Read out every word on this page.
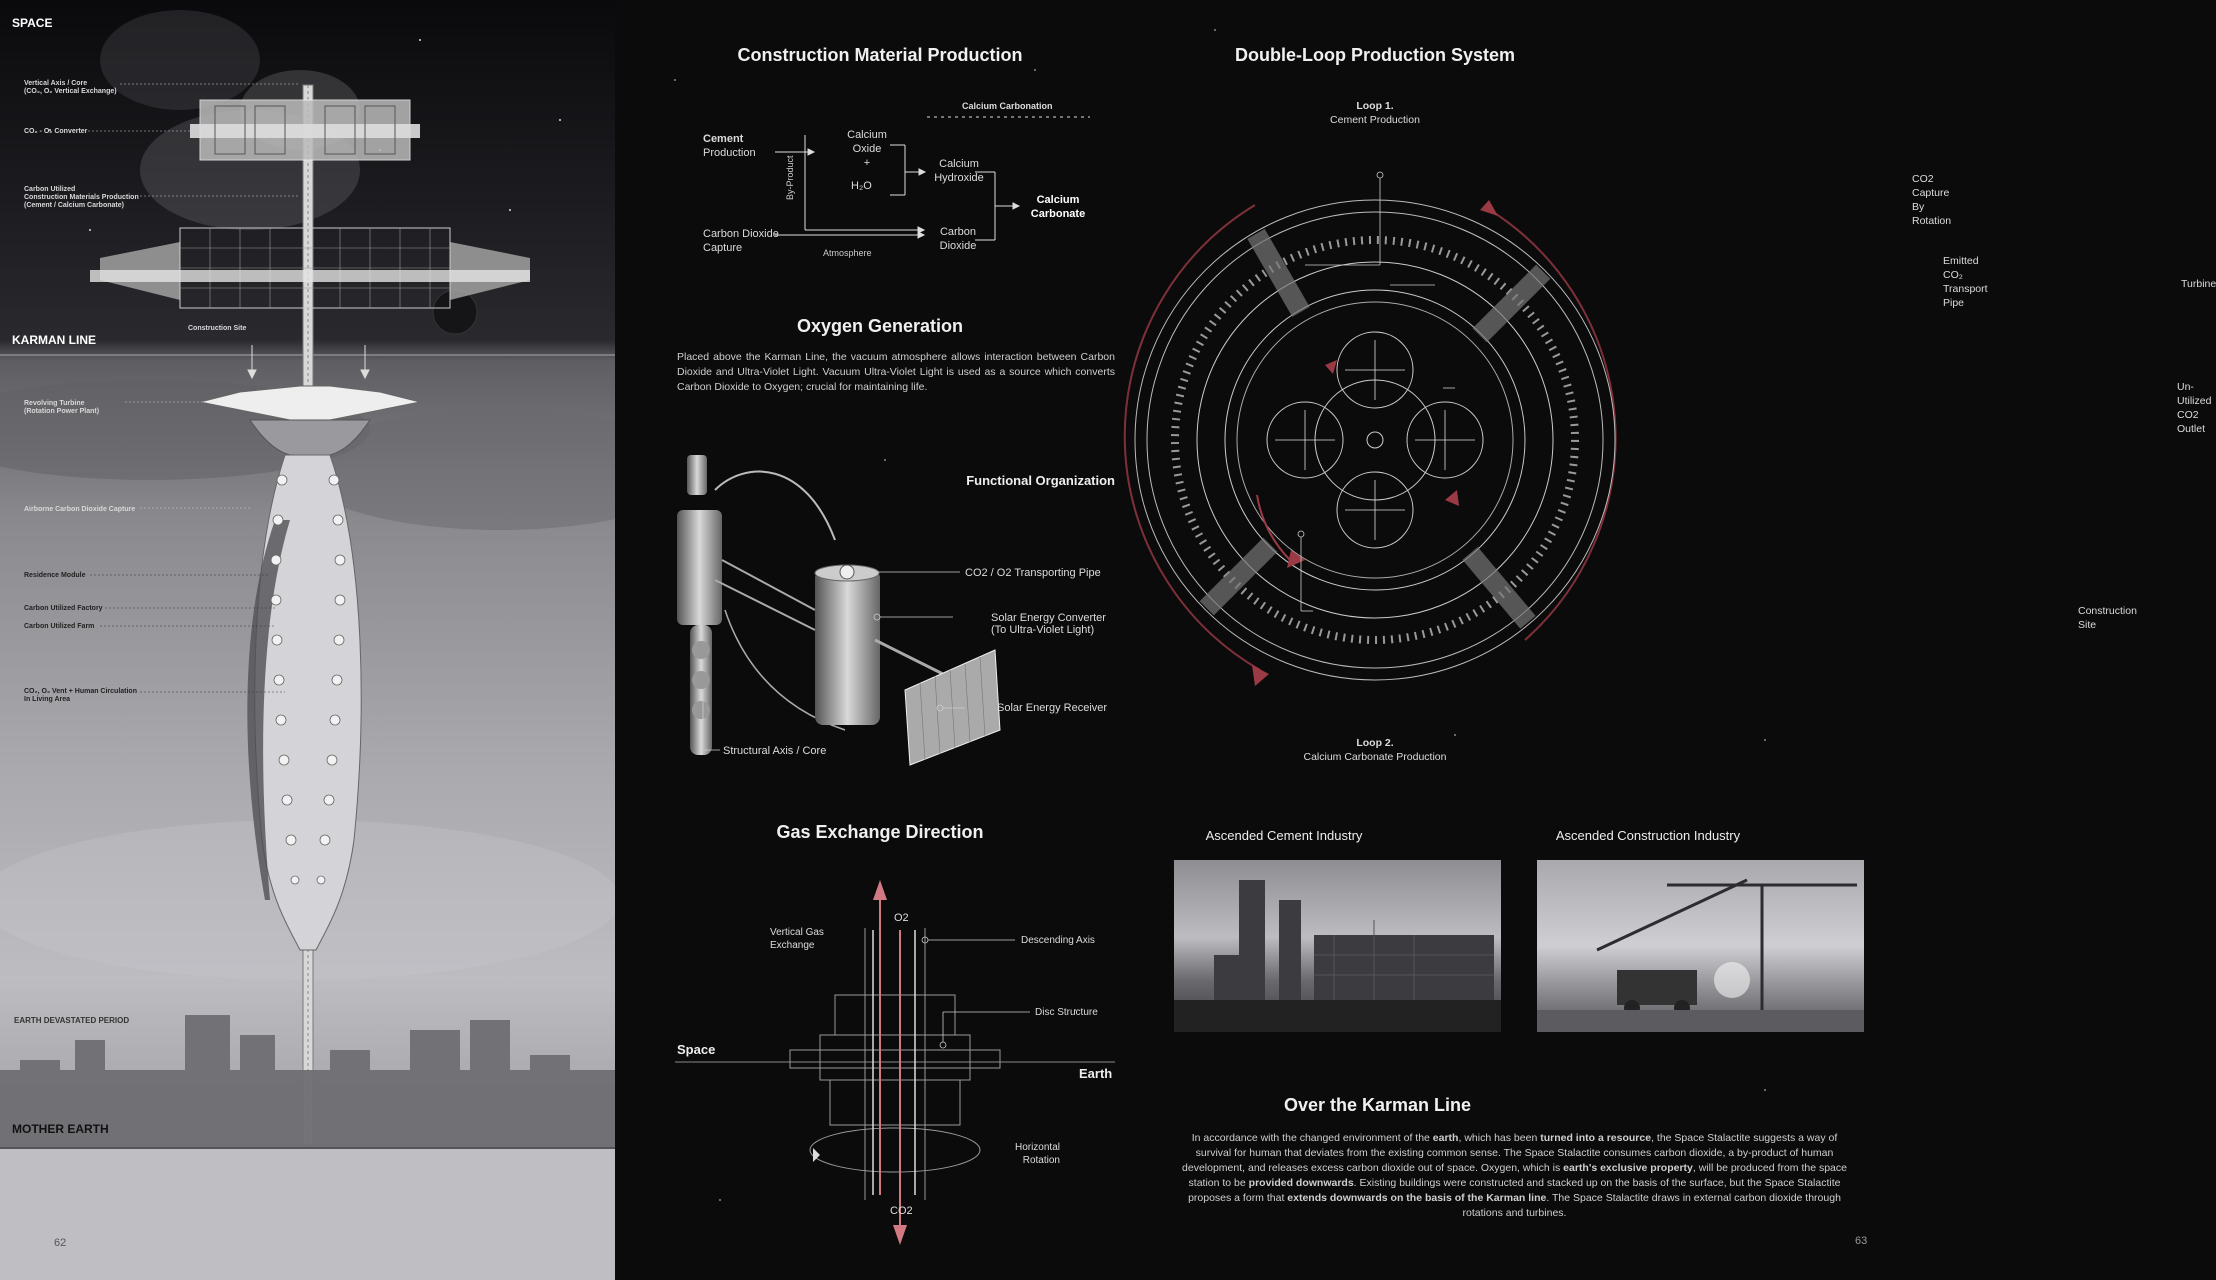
SPACE
KARMAN LINE
EARTH DEVASTATED PERIOD
MOTHER EARTH
62
Vertical Axis / Core
(CO₂, O₂ Vertical Exchange)
CO₂ - O₂ Converter
Carbon Utilized
Construction Materials Production
(Cement / Calcium Carbonate)
Construction Site
Revolving Turbine
(Rotation Power Plant)
Airborne Carbon Dioxide Capture
Residence Module
Carbon Utilized Factory
Carbon Utilized Farm
CO₂, O₂ Vent + Human Circulation
In Living Area
Construction Material Production
Calcium Carbonation
Cement
Production
Calcium
Oxide
+
H₂O
By-Product	Calcium
Hydroxide
Calcium
Carbonate
Carbon Dioxide
Capture	Atmosphere
Carbon
Dioxide
Oxygen Generation
Placed above the Karman Line, the vacuum atmosphere allows interaction between Carbon Dioxide and Ultra-Violet Light. Vacuum Ultra-Violet Light is used as a source which converts Carbon Dioxide to Oxygen; crucial for maintaining life.
Functional Organization
CO2 / O2 Transporting Pipe
Solar Energy Converter
(To Ultra-Violet Light)
Solar Energy Receiver
Structural Axis / Core
Gas Exchange Direction
O2
CO2
Vertical Gas
Exchange	Descending Axis
Disc Structure
Space
Earth
Horizontal
Rotation
Double-Loop Production System
Loop 1.
Cement Production
CO2 Capture
By Rotation
Emitted CO₂ Transport Pipe
Turbine
Un-Utilized
CO2 Outlet
Construction Site
Loop 2.
Calcium Carbonate Production
Ascended Cement Industry	Ascended Construction Industry
Over the Karman Line
In accordance with the changed environment of the earth, which has been turned into a resource, the Space Stalactite suggests a way of survival for human that deviates from the existing common sense. The Space Stalactite consumes carbon dioxide, a by-product of human development, and releases excess carbon dioxide out of space. Oxygen, which is earth's exclusive property, will be produced from the space station to be provided downwards. Existing buildings were constructed and stacked up on the basis of the surface, but the Space Stalactite proposes a form that extends downwards on the basis of the Karman line. The Space Stalactite draws in external carbon dioxide through rotations and turbines.
63
